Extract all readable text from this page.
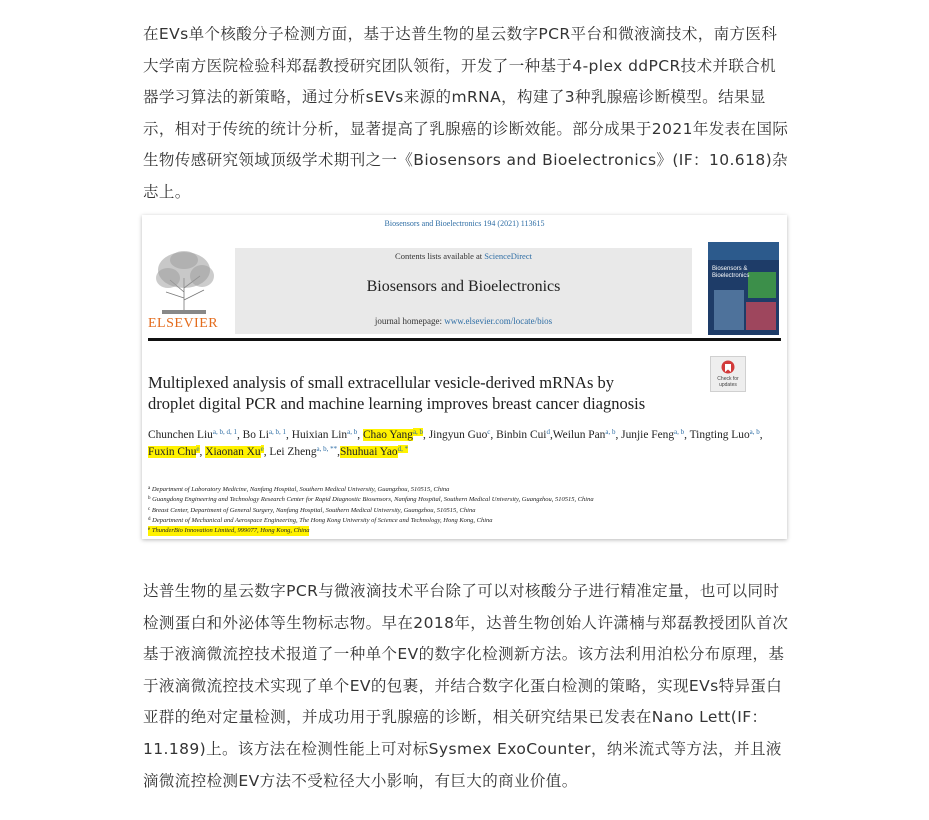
在EVs单个核酸分子检测方面，基于达普生物的星云数字PCR平台和微液滴技术，南方医科大学南方医院检验科郑磊教授研究团队领衔，开发了一种基于4-plex ddPCR技术并联合机器学习算法的新策略，通过分析sEVs来源的mRNA，构建了3种乳腺癌诊断模型。结果显示，相对于传统的统计分析，显著提高了乳腺癌的诊断效能。部分成果于2021年发表在国际生物传感研究领域顶级学术期刊之一《Biosensors and Bioelectronics》(IF：10.618)杂志上。

Biosensors and Bioelectronics 194 (2021) 113615
ELSEVIER
Contents lists available at ScienceDirect
Biosensors and Bioelectronics
journal homepage: www.elsevier.com/locate/bios
Biosensors &
Bioelectronics
Check for
updates
Multiplexed analysis of small extracellular vesicle-derived mRNAs by
droplet digital PCR and machine learning improves breast cancer diagnosis
Chunchen Liu$^{a, b, d, 1}$, Bo Li$^{a, b, 1}$, Huixian Lin$^{a, b}$, Chao Yang$^{a, b}$, Jingyun Guo$^c$, Binbin Cui$^d$,Weilun Pan$^{a, b}$, Junjie Feng$^{a, b}$, Tingting Luo$^{a, b}$, Fuxin Chu$^e$, Xiaonan Xu$^e$, Lei Zheng$^{a, b, **}$,Shuhuai Yao$^{d, *}$
$^a$ Department of Laboratory Medicine, Nanfang Hospital, Southern Medical University, Guangzhou, 510515, China
$^b$ Guangdong Engineering and Technology Research Center for Rapid Diagnostic Biosensors, Nanfang Hospital, Southern Medical University, Guangzhou, 510515, China
$^c$ Breast Center, Department of General Surgery, Nanfang Hospital, Southern Medical University, Guangzhou, 510515, China
$^d$ Department of Mechanical and Aerospace Engineering, The Hong Kong University of Science and Technology, Hong Kong, China
$^e$ ThunderBio Innovation Limited, 999077, Hong Kong, China

达普生物的星云数字PCR与微液滴技术平台除了可以对核酸分子进行精准定量，也可以同时检测蛋白和外泌体等生物标志物。早在2018年，达普生物创始人许潇楠与郑磊教授团队首次基于液滴微流控技术报道了一种单个EV的数字化检测新方法。该方法利用泊松分布原理，基于液滴微流控技术实现了单个EV的包裹，并结合数字化蛋白检测的策略，实现EVs特异蛋白亚群的绝对定量检测，并成功用于乳腺癌的诊断，相关研究结果已发表在Nano Lett(IF：11.189)上。该方法在检测性能上可对标Sysmex ExoCounter，纳米流式等方法，并且液滴微流控检测EV方法不受粒径大小影响，有巨大的商业价值。
